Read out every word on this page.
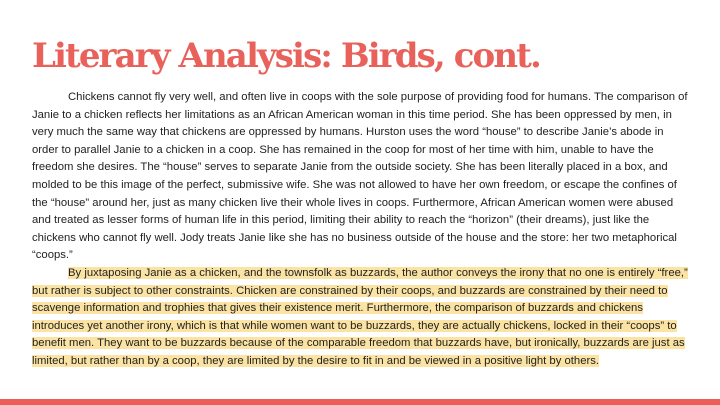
Literary Analysis: Birds, cont.

Chickens cannot fly very well, and often live in coops with the sole purpose of providing food for humans. The comparison of Janie to a chicken reflects her limitations as an African American woman in this time period. She has been oppressed by men, in very much the same way that chickens are oppressed by humans. Hurston uses the word “house” to describe Janie’s abode in order to parallel Janie to a chicken in a coop. She has remained in the coop for most of her time with him, unable to have the freedom she desires. The “house” serves to separate Janie from the outside society. She has been literally placed in a box, and molded to be this image of the perfect, submissive wife. She was not allowed to have her own freedom, or escape the confines of the “house” around her, just as many chicken live their whole lives in coops. Furthermore, African American women were abused and treated as lesser forms of human life in this period, limiting their ability to reach the “horizon” (their dreams), just like the chickens who cannot fly well. Jody treats Janie like she has no business outside of the house and the store: her two metaphorical “coops.”

By juxtaposing Janie as a chicken, and the townsfolk as buzzards, the author conveys the irony that no one is entirely “free,” but rather is subject to other constraints. Chicken are constrained by their coops, and buzzards are constrained by their need to scavenge information and trophies that gives their existence merit. Furthermore, the comparison of buzzards and chickens introduces yet another irony, which is that while women want to be buzzards, they are actually chickens, locked in their “coops” to benefit men. They want to be buzzards because of the comparable freedom that buzzards have, but ironically, buzzards are just as limited, but rather than by a coop, they are limited by the desire to fit in and be viewed in a positive light by others.
